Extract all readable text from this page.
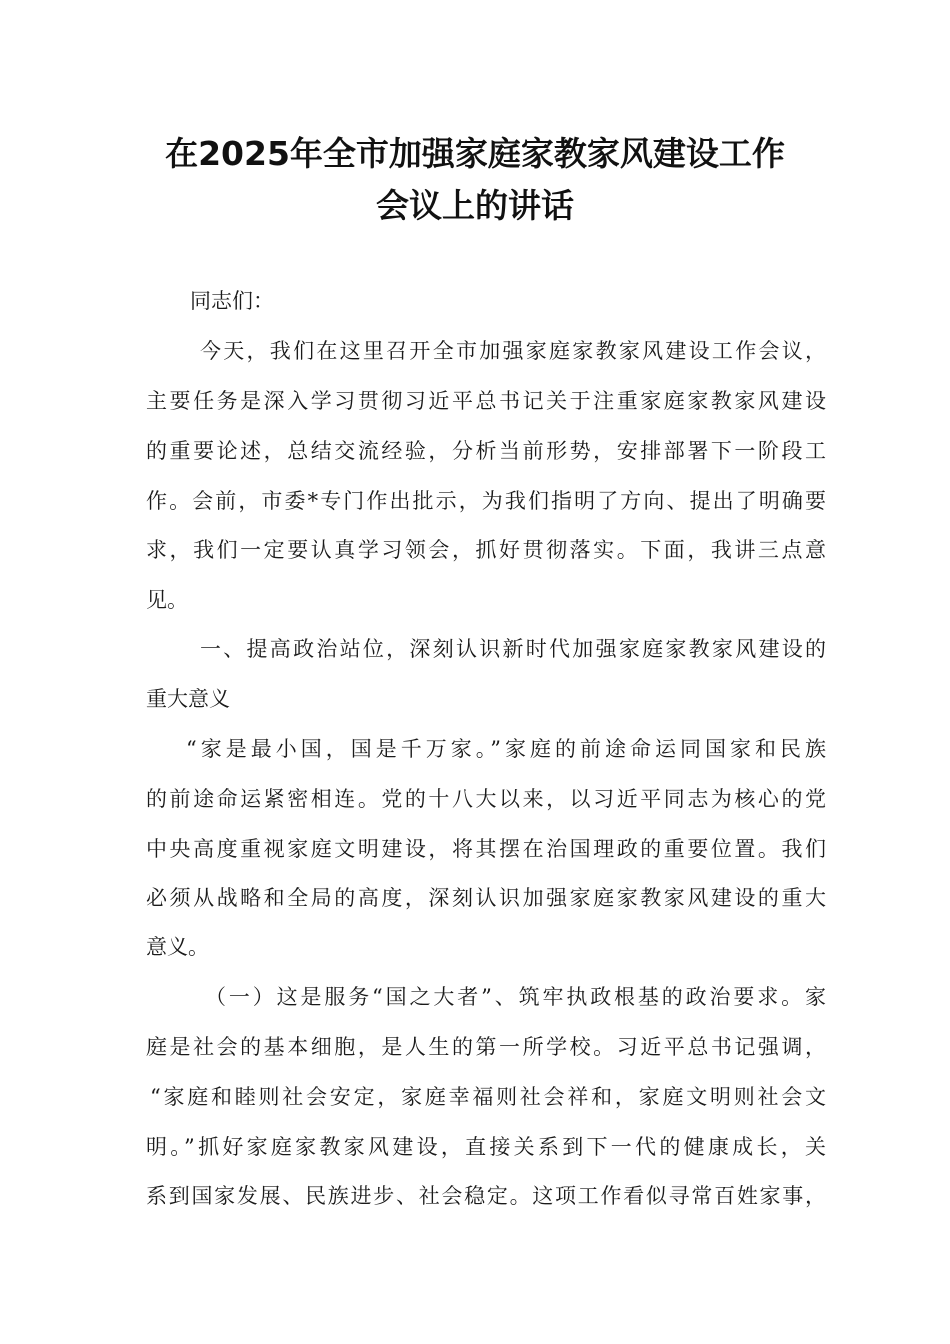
在2025年全市加强家庭家教家风建设工作
会议上的讲话
同志们：
今天，我们在这里召开全市加强家庭家教家风建设工作会议，
主要任务是深入学习贯彻习近平总书记关于注重家庭家教家风建设
的重要论述，总结交流经验，分析当前形势，安排部署下一阶段工
作。会前，市委*专门作出批示，为我们指明了方向、提出了明确要
求，我们一定要认真学习领会，抓好贯彻落实。下面，我讲三点意
见。
一、提高政治站位，深刻认识新时代加强家庭家教家风建设的
重大意义
“家是最小国，国是千万家。”家庭的前途命运同国家和民族
的前途命运紧密相连。党的十八大以来，以习近平同志为核心的党
中央高度重视家庭文明建设，将其摆在治国理政的重要位置。我们
必须从战略和全局的高度，深刻认识加强家庭家教家风建设的重大
意义。
（一）这是服务“国之大者”、筑牢执政根基的政治要求。家
庭是社会的基本细胞，是人生的第一所学校。习近平总书记强调，
“家庭和睦则社会安定，家庭幸福则社会祥和，家庭文明则社会文
明。”抓好家庭家教家风建设，直接关系到下一代的健康成长，关
系到国家发展、民族进步、社会稳定。这项工作看似寻常百姓家事，
